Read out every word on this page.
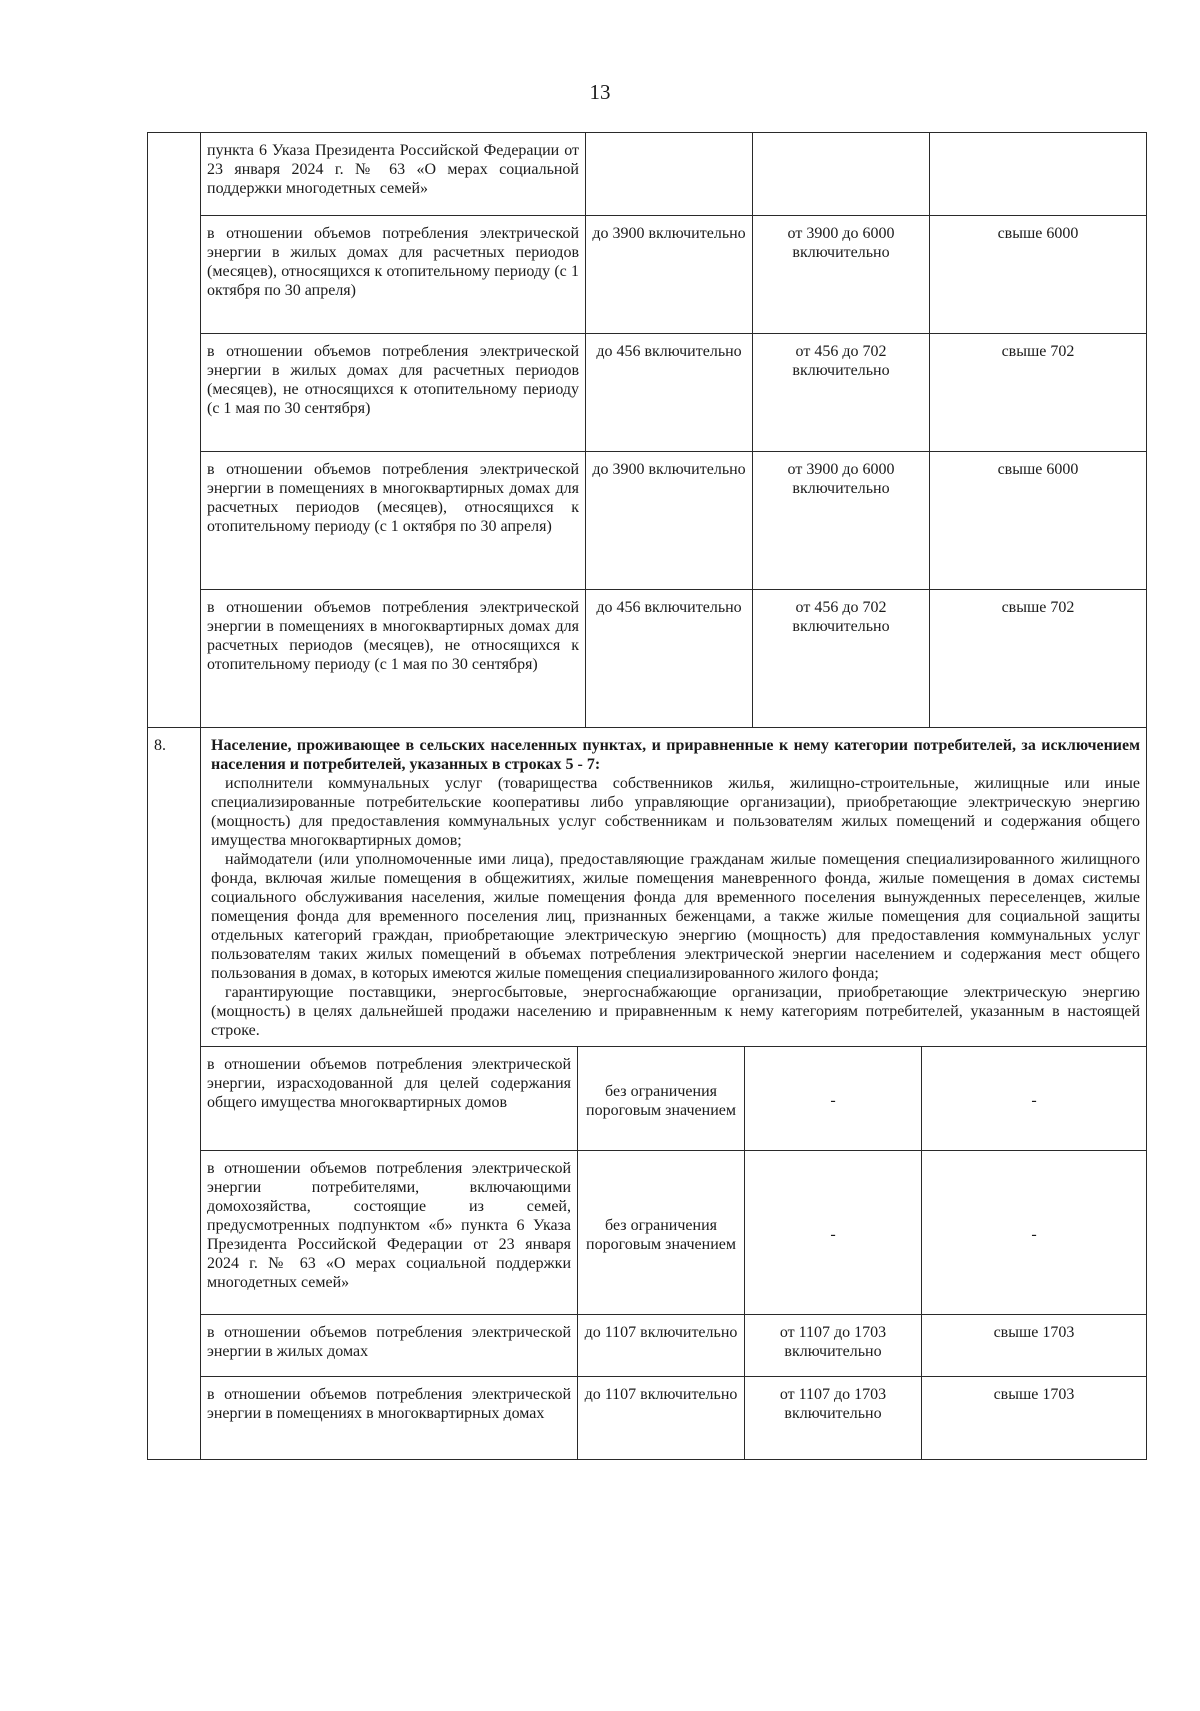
13

пункта 6 Указа Президента Российской Федерации от 23 января 2024 г. № 63 «О мерах социальной поддержки многодетных семей»			
в отношении объемов потребления электрической энергии в жилых домах для расчетных периодов (месяцев), относящихся к отопительному периоду (с 1 октября по 30 апреля)	до 3900 включительно	от 3900 до 6000 включительно	свыше 6000
в отношении объемов потребления электрической энергии в жилых домах для расчетных периодов (месяцев), не относящихся к отопительному периоду (с 1 мая по 30 сентября)	до 456 включительно	от 456 до 702 включительно	свыше 702
в отношении объемов потребления электрической энергии в помещениях в многоквартирных домах для расчетных периодов (месяцев), относящихся к отопительному периоду (с 1 октября по 30 апреля)	до 3900 включительно	от 3900 до 6000 включительно	свыше 6000
в отношении объемов потребления электрической энергии в помещениях в многоквартирных домах для расчетных периодов (месяцев), не относящихся к отопительному периоду (с 1 мая по 30 сентября)	до 456 включительно	от 456 до 702 включительно	свыше 702

8.	Население, проживающее в сельских населенных пунктах, и приравненные к нему категории потребителей, за исключением населения и потребителей, указанных в строках 5 - 7:
исполнители коммунальных услуг (товарищества собственников жилья, жилищно-строительные, жилищные или иные специализированные потребительские кооперативы либо управляющие организации), приобретающие электрическую энергию (мощность) для предоставления коммунальных услуг собственникам и пользователям жилых помещений и содержания общего имущества многоквартирных домов;
наймодатели (или уполномоченные ими лица), предоставляющие гражданам жилые помещения специализированного жилищного фонда, включая жилые помещения в общежитиях, жилые помещения маневренного фонда, жилые помещения в домах системы социального обслуживания населения, жилые помещения фонда для временного поселения вынужденных переселенцев, жилые помещения фонда для временного поселения лиц, признанных беженцами, а также жилые помещения для социальной защиты отдельных категорий граждан, приобретающие электрическую энергию (мощность) для предоставления коммунальных услуг пользователям таких жилых помещений в объемах потребления электрической энергии населением и содержания мест общего пользования в домах, в которых имеются жилые помещения специализированного жилого фонда;
гарантирующие поставщики, энергосбытовые, энергоснабжающие организации, приобретающие электрическую энергию (мощность) в целях дальнейшей продажи населению и приравненным к нему категориям потребителей, указанным в настоящей строке.
в отношении объемов потребления электрической энергии, израсходованной для целей содержания общего имущества многоквартирных домов	без ограничения пороговым значением	-	-
в отношении объемов потребления электрической энергии потребителями, включающими домохозяйства, состоящие из семей, предусмотренных подпунктом «б» пункта 6 Указа Президента Российской Федерации от 23 января 2024 г. № 63 «О мерах социальной поддержки многодетных семей»	без ограничения пороговым значением	-	-
в отношении объемов потребления электрической энергии в жилых домах	до 1107 включительно	от 1107 до 1703 включительно	свыше 1703
в отношении объемов потребления электрической энергии в помещениях в многоквартирных домах	до 1107 включительно	от 1107 до 1703 включительно	свыше 1703
